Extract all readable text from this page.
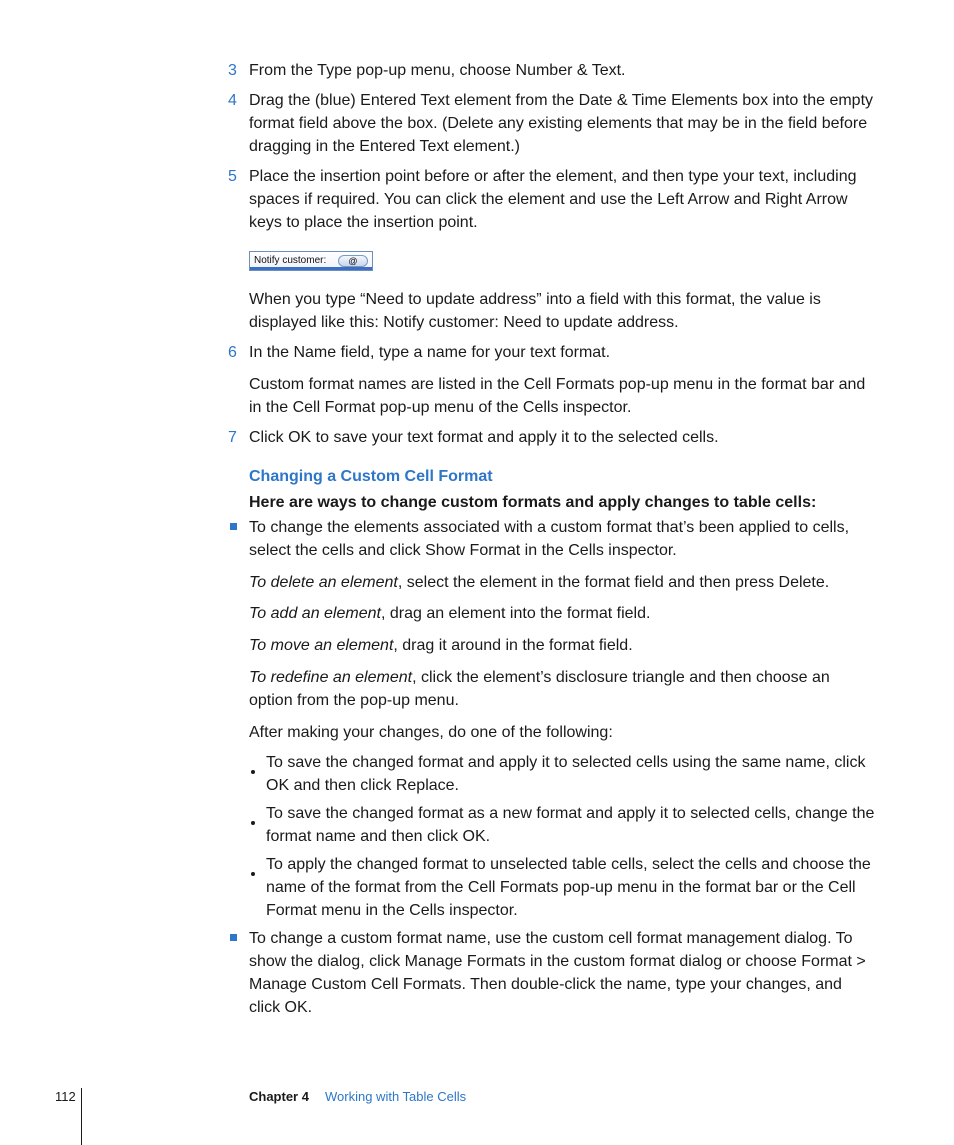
3 From the Type pop-up menu, choose Number & Text.

4 Drag the (blue) Entered Text element from the Date & Time Elements box into the empty format field above the box. (Delete any existing elements that may be in the field before dragging in the Entered Text element.)

5 Place the insertion point before or after the element, and then type your text, including spaces if required. You can click the element and use the Left Arrow and Right Arrow keys to place the insertion point.

Notify customer:	@

When you type “Need to update address” into a field with this format, the value is displayed like this: Notify customer: Need to update address.

6 In the Name field, type a name for your text format.

Custom format names are listed in the Cell Formats pop-up menu in the format bar and in the Cell Format pop-up menu of the Cells inspector.

7 Click OK to save your text format and apply it to the selected cells.

Changing a Custom Cell Format

Here are ways to change custom formats and apply changes to table cells:

To change the elements associated with a custom format that’s been applied to cells, select the cells and click Show Format in the Cells inspector.

To delete an element, select the element in the format field and then press Delete.

To add an element, drag an element into the format field.

To move an element, drag it around in the format field.

To redefine an element, click the element’s disclosure triangle and then choose an option from the pop-up menu.

After making your changes, do one of the following:

To save the changed format and apply it to selected cells using the same name, click OK and then click Replace.

To save the changed format as a new format and apply it to selected cells, change the format name and then click OK.

To apply the changed format to unselected table cells, select the cells and choose the name of the format from the Cell Formats pop-up menu in the format bar or the Cell Format menu in the Cells inspector.

To change a custom format name, use the custom cell format management dialog. To show the dialog, click Manage Formats in the custom format dialog or choose Format > Manage Custom Cell Formats. Then double-click the name, type your changes, and click OK.

112	Chapter 4 Working with Table Cells
